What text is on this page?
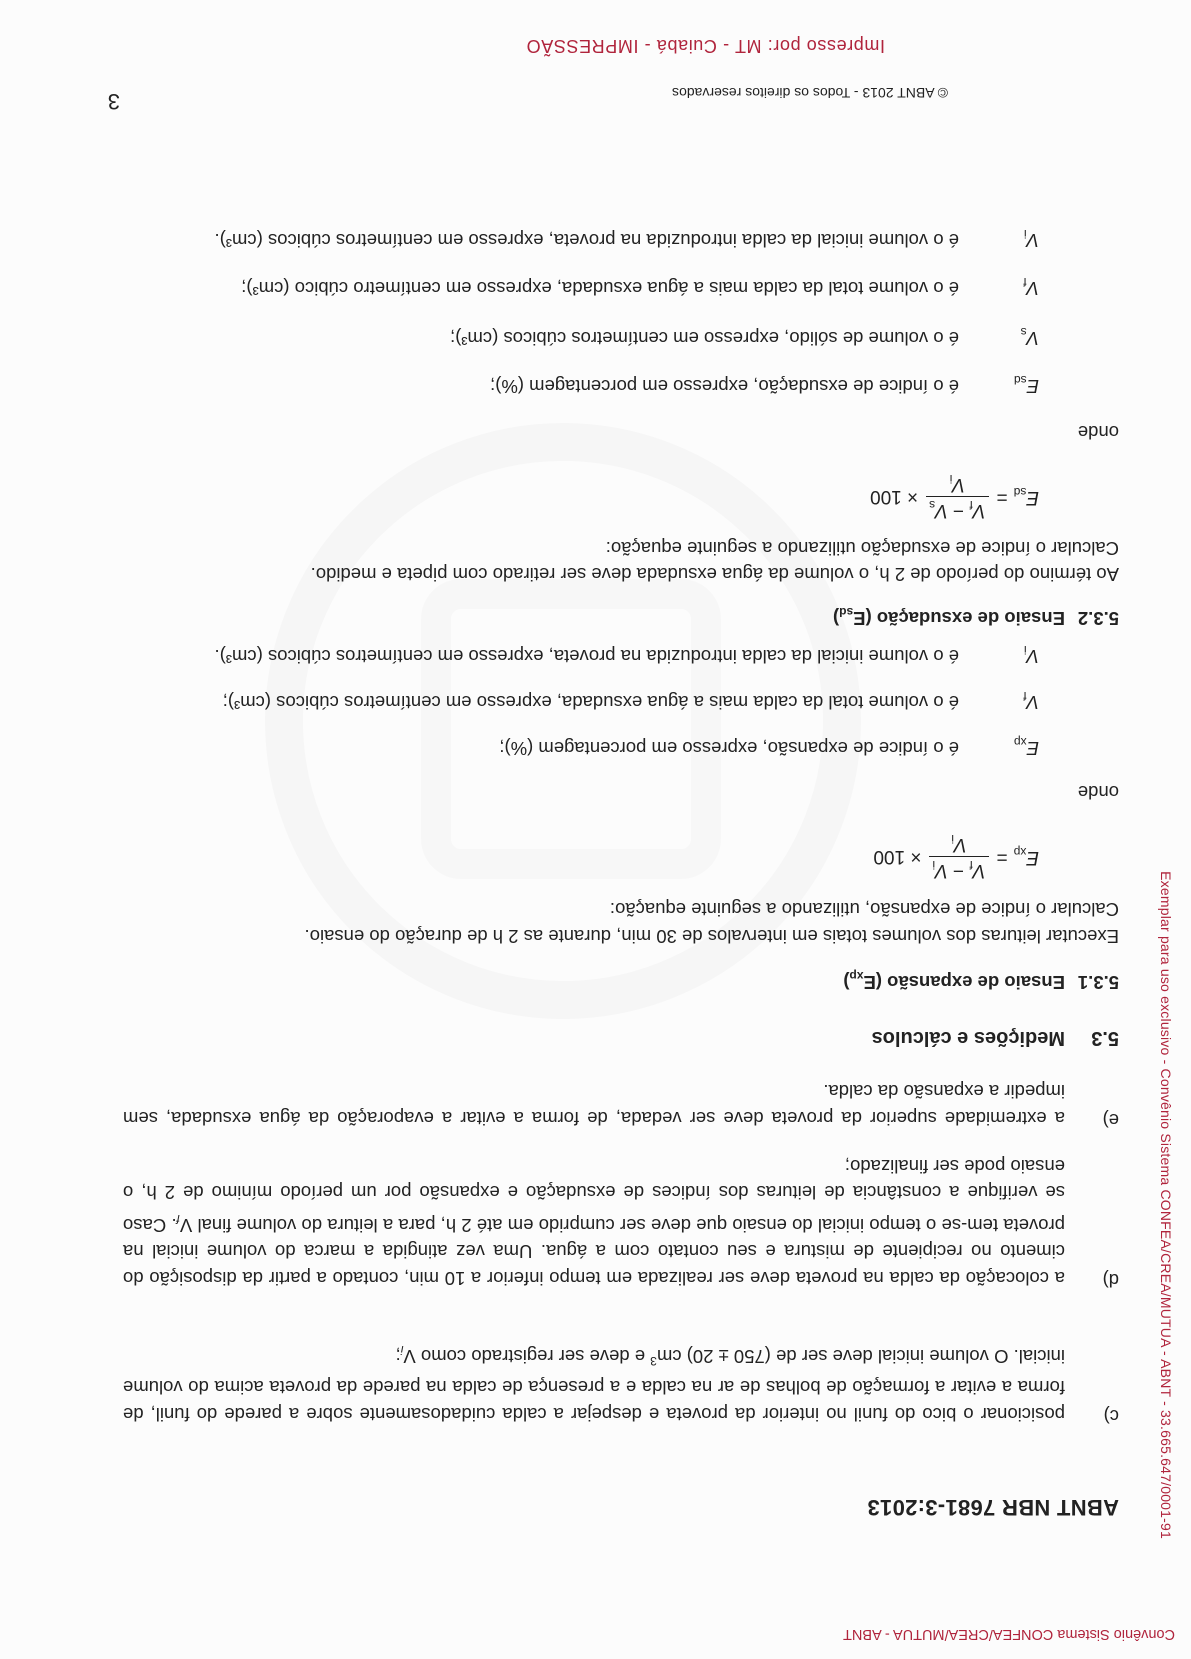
Exemplar para uso exclusivo - Convênio Sistema CONFEA/CREA/MUTUA - ABNT - 33.665.647/0001-91
Convênio Sistema CONFEA/CREA/MUTUA - ABNT
ABNT NBR 7681-3:2013
c)
posicionar o bico do funil no interior da proveta e despejar a calda cuidadosamente sobre a parede do funil, de forma a evitar a formação de bolhas de ar na calda e a presença de calda na parede da proveta acima do volume inicial. O volume inicial deve ser de (750 ± 20) $cm^3$ e deve ser registrado como $V_i$;
d)
a colocação da calda na proveta deve ser realizada em tempo inferior a 10 min, contado a partir da disposição do cimento no recipiente de mistura e seu contato com a água. Uma vez atingida a marca do volume inicial na proveta tem-se o tempo inicial do ensaio que deve ser cumprido em até 2 h, para a leitura do volume final $V_f$. Caso se verifique a constância de leituras dos índices de exsudação e expansão por um período mínimo de 2 h, o ensaio pode ser finalizado;
e)
a extremidade superior da proveta deve ser vedada, de forma a evitar a evaporação da água exsudada, sem impedir a expansão da calda.
5.3Medições e cálculos
5.3.1Ensaio de expansão $(E_{xp})$
Executar leituras dos volumes totais em intervalos de 30 min, durante as 2 h de duração do ensaio.
Calcular o índice de expansão, utilizando a seguinte equação:
$E_{xp}$
=
$V_f - V_i$
$V_i$
× 100
onde
$E_{xp}$
é o índice de expansão, expresso em porcentagem (%);
$V_f$
é o volume total da calda mais a água exsudada, expresso em centímetros cúbicos (cm³);
$V_i$
é o volume inicial da calda introduzida na proveta, expresso em centímetros cúbicos (cm³).
5.3.2Ensaio de exsudação $(E_{sd})$
Ao término do período de 2 h, o volume da água exsudada deve ser retirado com pipeta e medido.
Calcular o índice de exsudação utilizando a seguinte equação:
$E_{sd}$
=
$V_f - V_s$
$V_i$
× 100
onde
$E_{sd}$
é o índice de exsudação, expresso em porcentagem (%);
$V_s$
é o volume de sólido, expresso em centímetros cúbicos (cm³);
$V_f$
é o volume total da calda mais a água exsudada, expresso em centímetro cúbico (cm³);
$V_i$
é o volume inicial da calda introduzida na proveta, expresso em centímetros cúbicos (cm³).
© ABNT 2013 - Todos os direitos reservados
3
Impresso por: MT - Cuiabá - IMPRESSÃO
